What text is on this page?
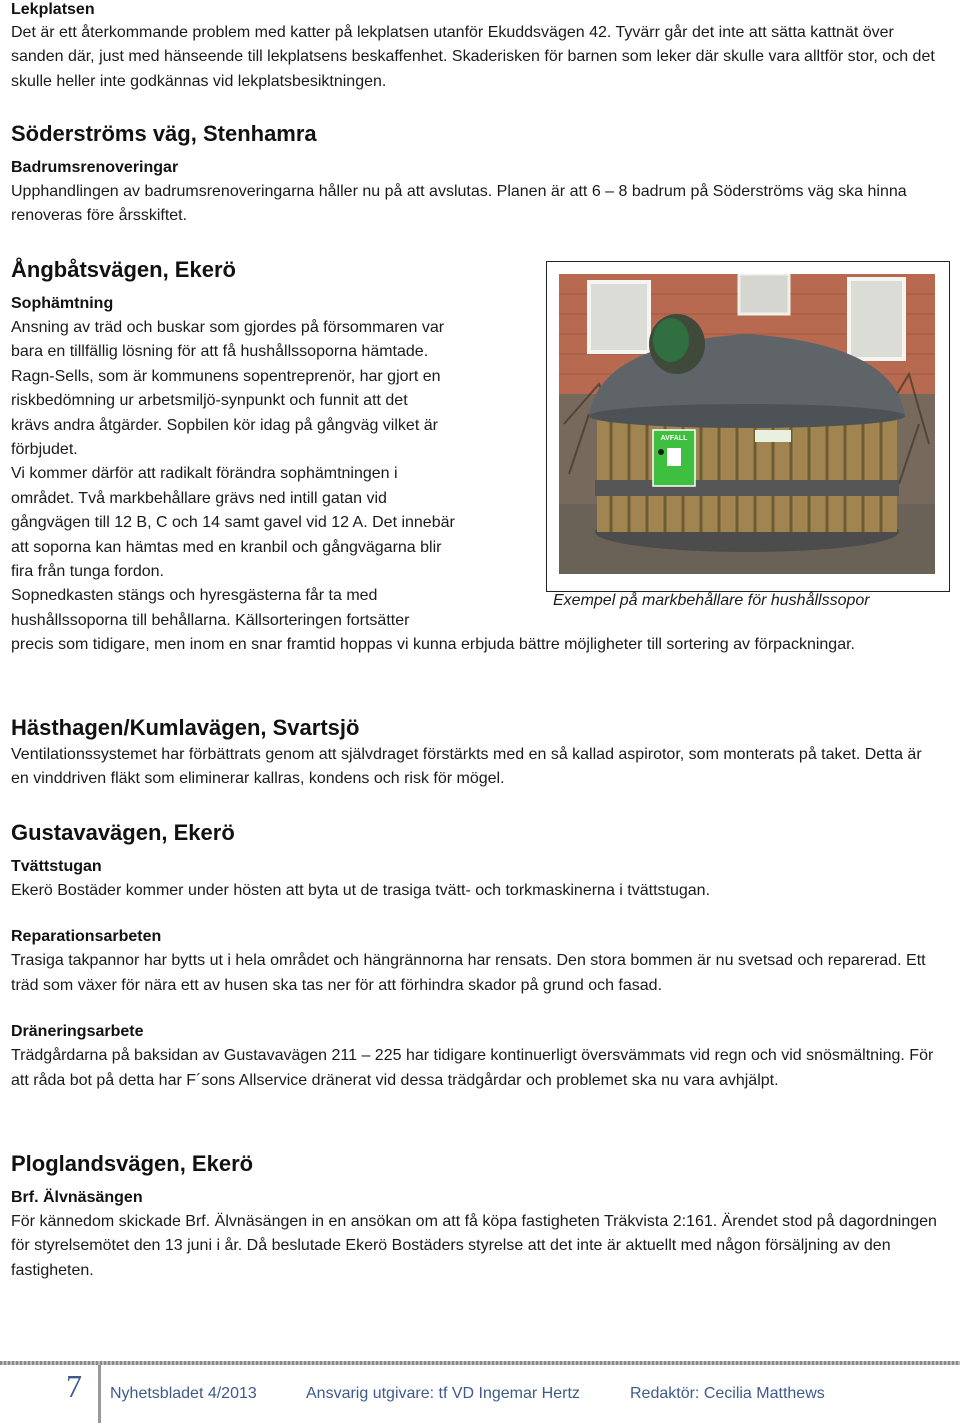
Lekplatsen

Det är ett återkommande problem med katter på lekplatsen utanför Ekuddsvägen 42. Tyvärr går det inte att sätta kattnät över sanden där, just med hänseende till lekplatsens beskaffenhet. Skaderisken för barnen som leker där skulle vara alltför stor, och det skulle heller inte godkännas vid lekplatsbesiktningen.

Söderströms väg, Stenhamra
Badrumsrenoveringar

Upphandlingen av badrumsrenoveringarna håller nu på att avslutas. Planen är att 6 – 8 badrum på Söderströms väg ska hinna renoveras före årsskiftet.

Ångbåtsvägen, Ekerö
Sophämtning

Ansning av träd och buskar som gjordes på försommaren var

bara en tillfällig lösning för att få hushållssoporna hämtade.

Ragn-Sells, som är kommunens sopentreprenör, har gjort en

riskbedömning ur arbetsmiljö-synpunkt och funnit att det

krävs andra åtgärder. Sopbilen kör idag på gångväg vilket är

förbjudet.

Vi kommer därför att radikalt förändra sophämtningen i

området. Två markbehållare grävs ned intill gatan vid

gångvägen till 12 B, C och 14 samt gavel vid 12 A. Det innebär

att soporna kan hämtas med en kranbil och gångvägarna blir

fira från tunga fordon.

Sopnedkasten stängs och hyresgästerna får ta med

hushållssoporna till behållarna. Källsorteringen fortsätter

precis som tidigare, men inom en snar framtid hoppas vi kunna erbjuda bättre möjligheter till sortering av förpackningar.

Hästhagen/Kumlavägen, Svartsjö

Ventilationssystemet har förbättrats genom att självdraget förstärkts med en så kallad aspirotor, som monterats på taket. Detta är en vinddriven fläkt som eliminerar kallras, kondens och risk för mögel.

Gustavavägen, Ekerö
Tvättstugan

Ekerö Bostäder kommer under hösten att byta ut de trasiga tvätt- och torkmaskinerna i tvättstugan.

Reparationsarbeten

Trasiga takpannor har bytts ut i hela området och hängrännorna har rensats. Den stora bommen är nu svetsad och reparerad. Ett träd som växer för nära ett av husen ska tas ner för att förhindra skador på grund och fasad.

Dräneringsarbete

Trädgårdarna på baksidan av Gustavavägen 211 – 225 har tidigare kontinuerligt översvämmats vid regn och vid snösmältning. För att råda bot på detta har F´sons Allservice dränerat vid dessa trädgårdar och problemet ska nu vara avhjälpt.

Ploglandsvägen, Ekerö
Brf. Älvnäsängen

För kännedom skickade Brf. Älvnäsängen in en ansökan om att få köpa fastigheten Träkvista 2:161. Ärendet stod på dagordningen för styrelsemötet den 13 juni i år. Då beslutade Ekerö Bostäders styrelse att det inte är aktuellt med någon försäljning av den fastigheten.

AVFALL
Exempel på markbehållare för hushållssopor
7 Nyhetsbladet 4/2013	Ansvarig utgivare: tf VD Ingemar Hertz	Redaktör: Cecilia Matthews
